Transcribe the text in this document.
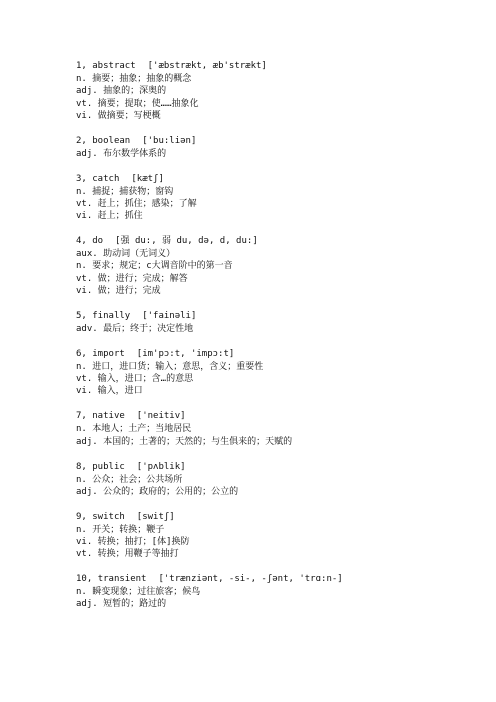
1, abstract ['æbstrækt, æb'strækt]
n. 摘要；抽象；抽象的概念
adj. 抽象的；深奥的
vt. 摘要；提取；使……抽象化
vi. 做摘要；写梗概
2, boolean ['bu:liən]
adj. 布尔数学体系的
3, catch [kætʃ]
n. 捕捉；捕获物；窗钩
vt. 赶上；抓住；感染；了解
vi. 赶上；抓住
4, do [强 du:, 弱 du, də, d, du:]
aux. 助动词（无词义）
n. 要求；规定；c大调音阶中的第一音
vt. 做；进行；完成；解答
vi. 做；进行；完成
5, finally ['fainəli]
adv. 最后；终于；决定性地
6, import [im'pɔ:t, 'impɔ:t]
n. 进口，进口货；输入；意思，含义；重要性
vt. 输入，进口；含…的意思
vi. 输入，进口
7, native ['neitiv]
n. 本地人；土产；当地居民
adj. 本国的；土著的；天然的；与生俱来的；天赋的
8, public ['pʌblik]
n. 公众；社会；公共场所
adj. 公众的；政府的；公用的；公立的
9, switch [switʃ]
n. 开关；转换；鞭子
vi. 转换；抽打；[体]换防
vt. 转换；用鞭子等抽打
10, transient ['trænziənt, -si-, -ʃənt, 'trɑ:n-]
n. 瞬变现象；过往旅客；候鸟
adj. 短暂的；路过的
